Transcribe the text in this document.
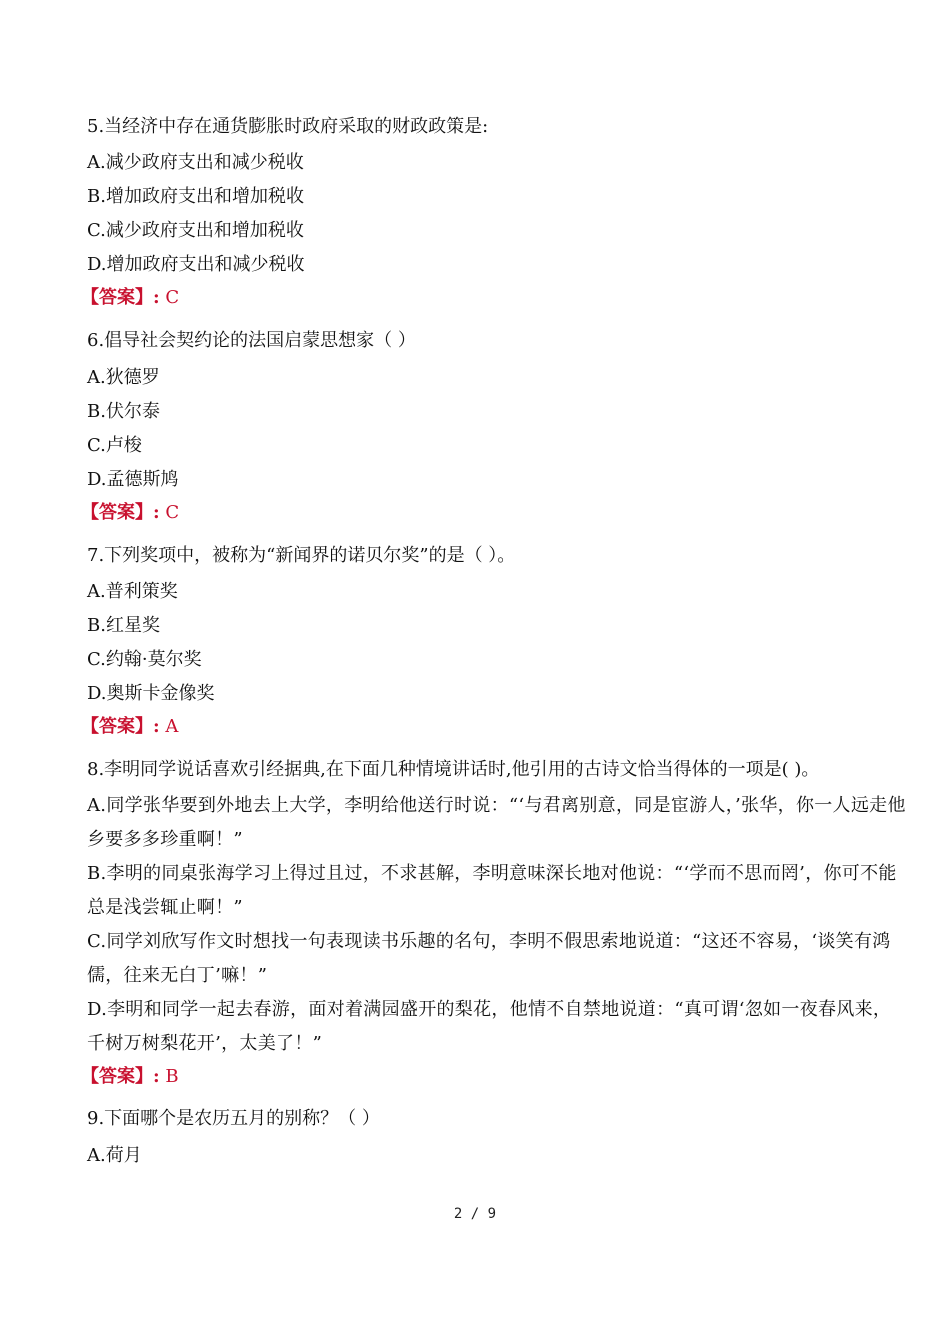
5.当经济中存在通货膨胀时政府采取的财政政策是:
A.减少政府支出和减少税收
B.增加政府支出和增加税收
C.减少政府支出和增加税收
D.增加政府支出和减少税收
【答案】: C
6.倡导社会契约论的法国启蒙思想家（ ）
A.狄德罗
B.伏尔泰
C.卢梭
D.孟德斯鸠
【答案】: C
7.下列奖项中，被称为“新闻界的诺贝尔奖”的是（ ）。
A.普利策奖
B.红星奖
C.约翰·莫尔奖
D.奥斯卡金像奖
【答案】: A
8.李明同学说话喜欢引经据典,在下面几种情境讲话时,他引用的古诗文恰当得体的一项是( )。
A.同学张华要到外地去上大学，李明给他送行时说：“‘与君离别意，同是宦游人，’张华，你一人远走他乡要多多珍重啊！”
B.李明的同桌张海学习上得过且过，不求甚解，李明意味深长地对他说：“‘学而不思而罔’，你可不能总是浅尝辄止啊！”
C.同学刘欣写作文时想找一句表现读书乐趣的名句，李明不假思索地说道：“这还不容易，‘谈笑有鸿儒，往来无白丁’嘛！”
D.李明和同学一起去春游，面对着满园盛开的梨花，他情不自禁地说道：“真可谓‘忽如一夜春风来，千树万树梨花开’，太美了！”
【答案】: B
9.下面哪个是农历五月的别称？（ ）
A.荷月
2 / 9
